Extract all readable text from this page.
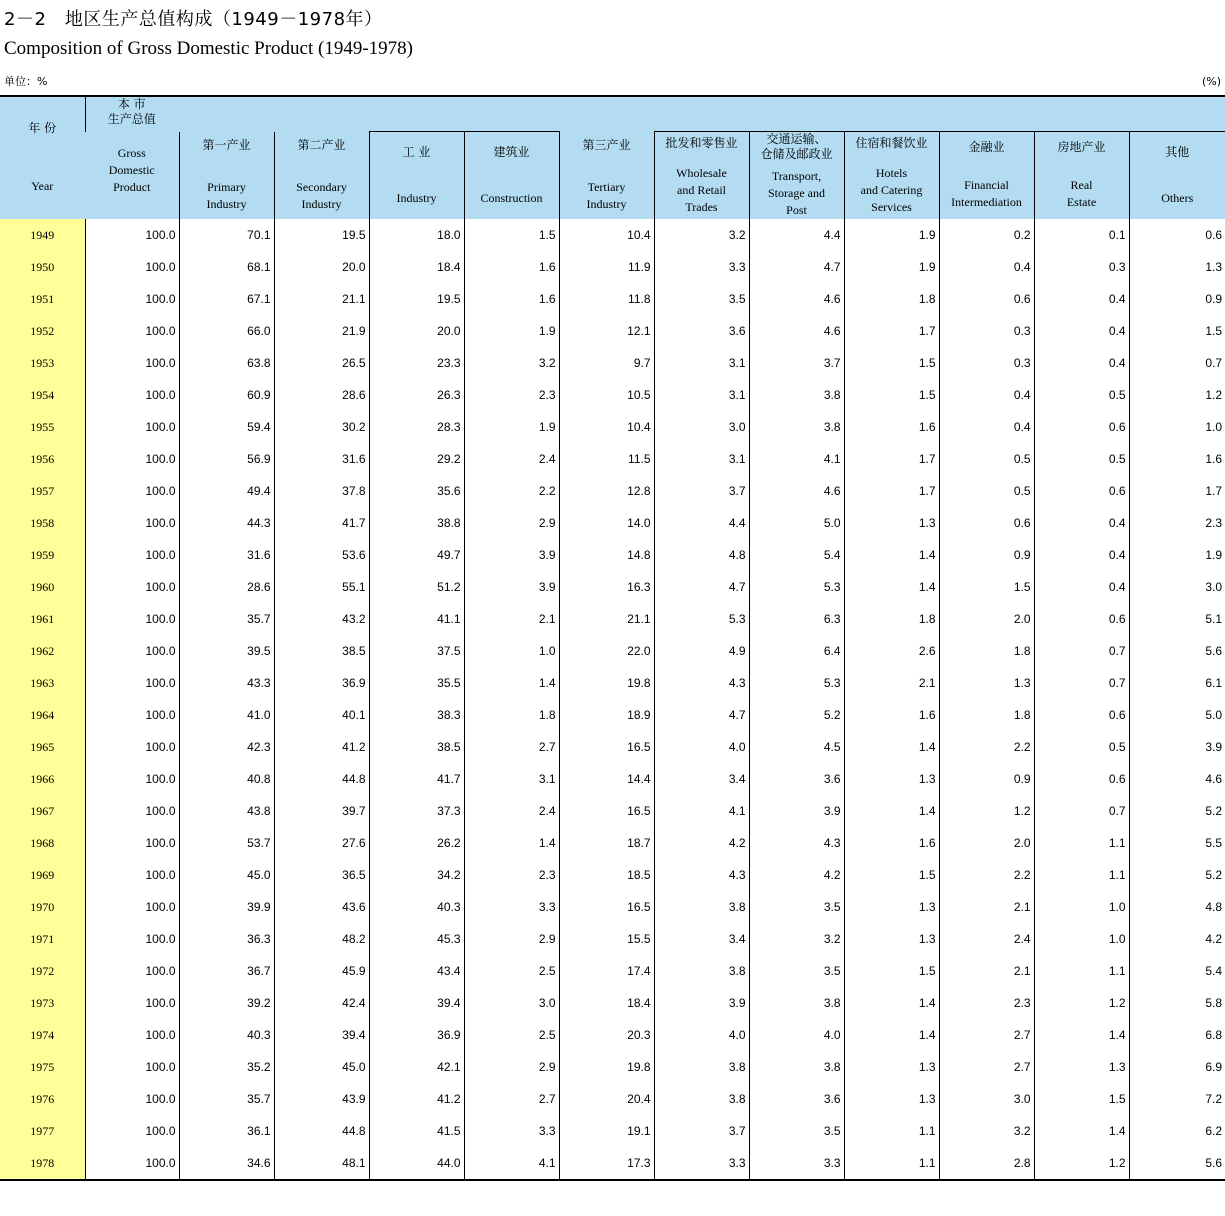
2－2　地区生产总值构成（1949－1978年）
Composition of Gross Domestic Product (1949-1978)
单位：%	(%)
年 份
Year												

	本 市
生产总值
Gross
Domestic
Product	第一产业
Primary
Industry	第二产业
Secondary
Industry	工 业
Industry	建筑业
Construction	第三产业
Tertiary
Industry	批发和零售业
Wholesale
and Retail
Trades	交通运输、
仓储及邮政业
Transport,
Storage and
Post	住宿和餐饮业
Hotels
and Catering
Services	金融业
Financial
Intermediation	房地产业
Real
Estate	其他
Others

1949	100.0	70.1	19.5	18.0	1.5	10.4	3.2	4.4	1.9	0.2	0.1	0.6
1950	100.0	68.1	20.0	18.4	1.6	11.9	3.3	4.7	1.9	0.4	0.3	1.3
1951	100.0	67.1	21.1	19.5	1.6	11.8	3.5	4.6	1.8	0.6	0.4	0.9
1952	100.0	66.0	21.9	20.0	1.9	12.1	3.6	4.6	1.7	0.3	0.4	1.5
1953	100.0	63.8	26.5	23.3	3.2	9.7	3.1	3.7	1.5	0.3	0.4	0.7
1954	100.0	60.9	28.6	26.3	2.3	10.5	3.1	3.8	1.5	0.4	0.5	1.2
1955	100.0	59.4	30.2	28.3	1.9	10.4	3.0	3.8	1.6	0.4	0.6	1.0
1956	100.0	56.9	31.6	29.2	2.4	11.5	3.1	4.1	1.7	0.5	0.5	1.6
1957	100.0	49.4	37.8	35.6	2.2	12.8	3.7	4.6	1.7	0.5	0.6	1.7
1958	100.0	44.3	41.7	38.8	2.9	14.0	4.4	5.0	1.3	0.6	0.4	2.3
1959	100.0	31.6	53.6	49.7	3.9	14.8	4.8	5.4	1.4	0.9	0.4	1.9
1960	100.0	28.6	55.1	51.2	3.9	16.3	4.7	5.3	1.4	1.5	0.4	3.0
1961	100.0	35.7	43.2	41.1	2.1	21.1	5.3	6.3	1.8	2.0	0.6	5.1
1962	100.0	39.5	38.5	37.5	1.0	22.0	4.9	6.4	2.6	1.8	0.7	5.6
1963	100.0	43.3	36.9	35.5	1.4	19.8	4.3	5.3	2.1	1.3	0.7	6.1
1964	100.0	41.0	40.1	38.3	1.8	18.9	4.7	5.2	1.6	1.8	0.6	5.0
1965	100.0	42.3	41.2	38.5	2.7	16.5	4.0	4.5	1.4	2.2	0.5	3.9
1966	100.0	40.8	44.8	41.7	3.1	14.4	3.4	3.6	1.3	0.9	0.6	4.6
1967	100.0	43.8	39.7	37.3	2.4	16.5	4.1	3.9	1.4	1.2	0.7	5.2
1968	100.0	53.7	27.6	26.2	1.4	18.7	4.2	4.3	1.6	2.0	1.1	5.5
1969	100.0	45.0	36.5	34.2	2.3	18.5	4.3	4.2	1.5	2.2	1.1	5.2
1970	100.0	39.9	43.6	40.3	3.3	16.5	3.8	3.5	1.3	2.1	1.0	4.8
1971	100.0	36.3	48.2	45.3	2.9	15.5	3.4	3.2	1.3	2.4	1.0	4.2
1972	100.0	36.7	45.9	43.4	2.5	17.4	3.8	3.5	1.5	2.1	1.1	5.4
1973	100.0	39.2	42.4	39.4	3.0	18.4	3.9	3.8	1.4	2.3	1.2	5.8
1974	100.0	40.3	39.4	36.9	2.5	20.3	4.0	4.0	1.4	2.7	1.4	6.8
1975	100.0	35.2	45.0	42.1	2.9	19.8	3.8	3.8	1.3	2.7	1.3	6.9
1976	100.0	35.7	43.9	41.2	2.7	20.4	3.8	3.6	1.3	3.0	1.5	7.2
1977	100.0	36.1	44.8	41.5	3.3	19.1	3.7	3.5	1.1	3.2	1.4	6.2
1978	100.0	34.6	48.1	44.0	4.1	17.3	3.3	3.3	1.1	2.8	1.2	5.6
